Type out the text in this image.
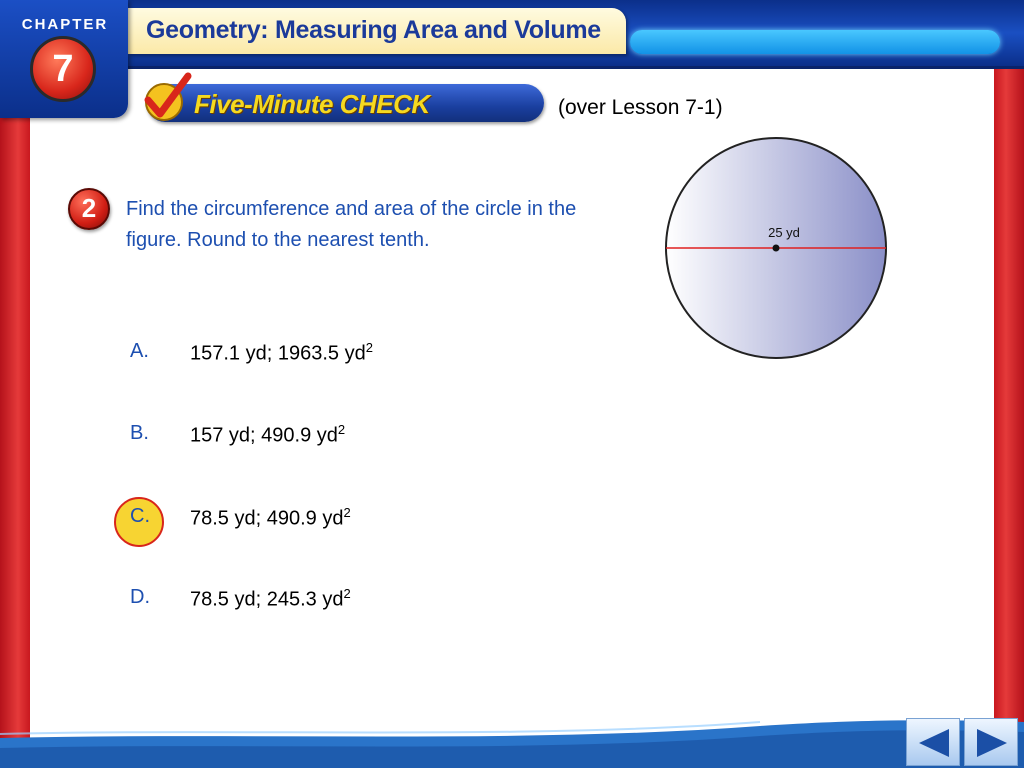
Geometry: Measuring Area and Volume
CHAPTER
7
Five-Minute CHECK	(over Lesson 7-1)
2	Find the circumference and area of the circle in the figure. Round to the nearest tenth.
A. 157.1 yd; 1963.5 $yd^2$
B. 157 yd; 490.9 $yd^2$
C. 78.5 yd; 490.9 $yd^2$
D. 78.5 yd; 245.3 $yd^2$
25 yd
